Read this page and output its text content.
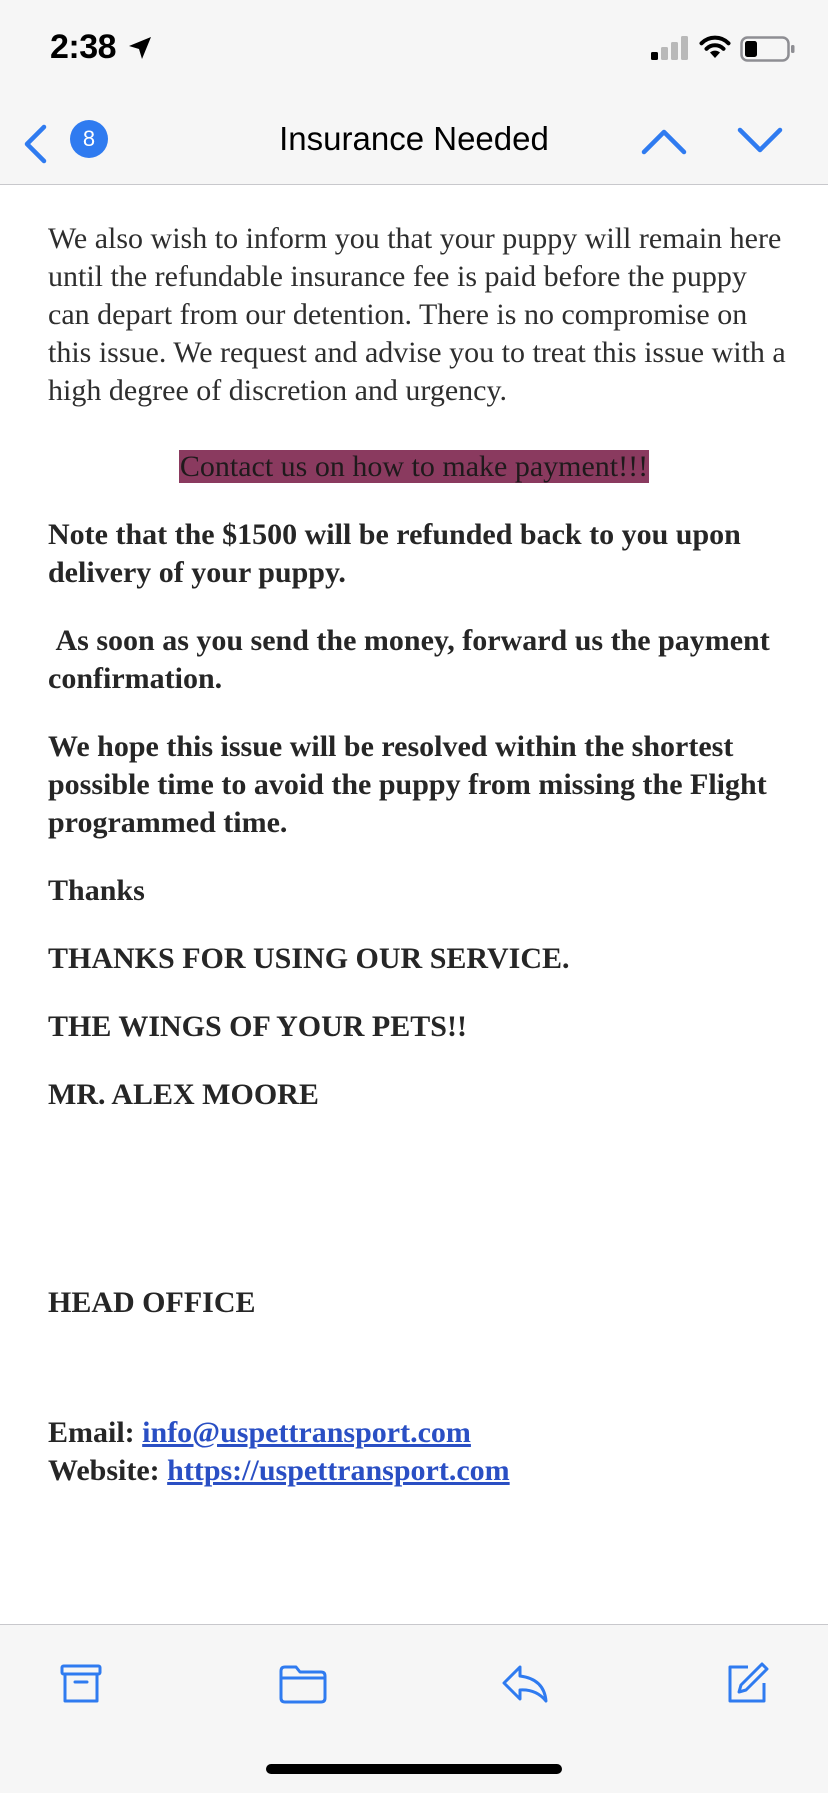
2:38
8	Insurance Needed

We also wish to inform you that your puppy will remain here until the refundable insurance fee is paid before the puppy can depart from our detention. There is no compromise on this issue. We request and advise you to treat this issue with a high degree of discretion and urgency.

Contact us on how to make payment!!!

Note that the $1500 will be refunded back to you upon delivery of your puppy.

As soon as you send the money, forward us the payment confirmation.

We hope this issue will be resolved within the shortest possible time to avoid the puppy from missing the Flight programmed time.

Thanks

THANKS FOR USING OUR SERVICE.

THE WINGS OF YOUR PETS!!

MR. ALEX MOORE

HEAD OFFICE

Email: info@uspettransport.com
Website: https://uspettransport.com
